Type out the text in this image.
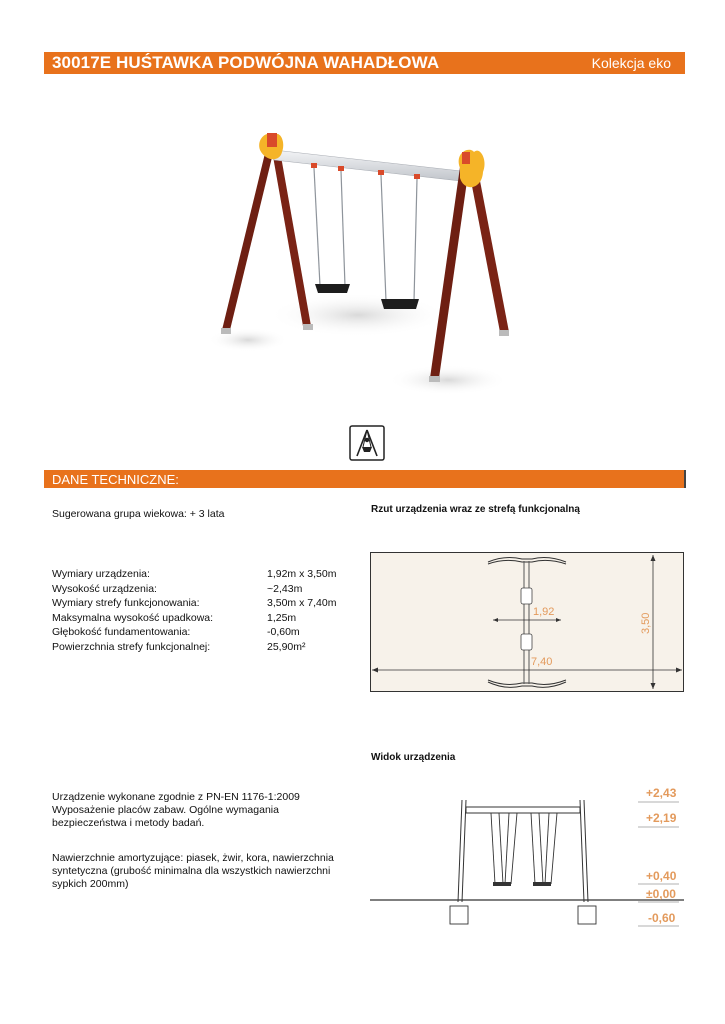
30017E HUŚTAWKA PODWÓJNA WAHADŁOWA	Kolekcja eko
DANE TECHNICZNE:
Sugerowana grupa wiekowa: + 3 lata
Wymiary urządzenia:	1,92m x 3,50m
Wysokość urządzenia:	~2,43m
Wymiary strefy funkcjonowania:	3,50m x 7,40m
Maksymalna wysokość upadkowa:	1,25m
Głębokość fundamentowania:	-0,60m
Powierzchnia strefy funkcjonalnej:	25,90m²
Urządzenie wykonane zgodnie z PN-EN 1176-1:2009 Wyposażenie placów zabaw. Ogólne wymagania bezpieczeństwa i metody badań.
Nawierzchnie amortyzujące: piasek, żwir, kora, nawierzchnia syntetyczna (grubość minimalna dla wszystkich nawierzchni sypkich 200mm)
Rzut urządzenia wraz ze strefą funkcjonalną
1,92
7,40
3,50
Widok urządzenia
+2,43
+2,19
+0,40
±0,00
-0,60
